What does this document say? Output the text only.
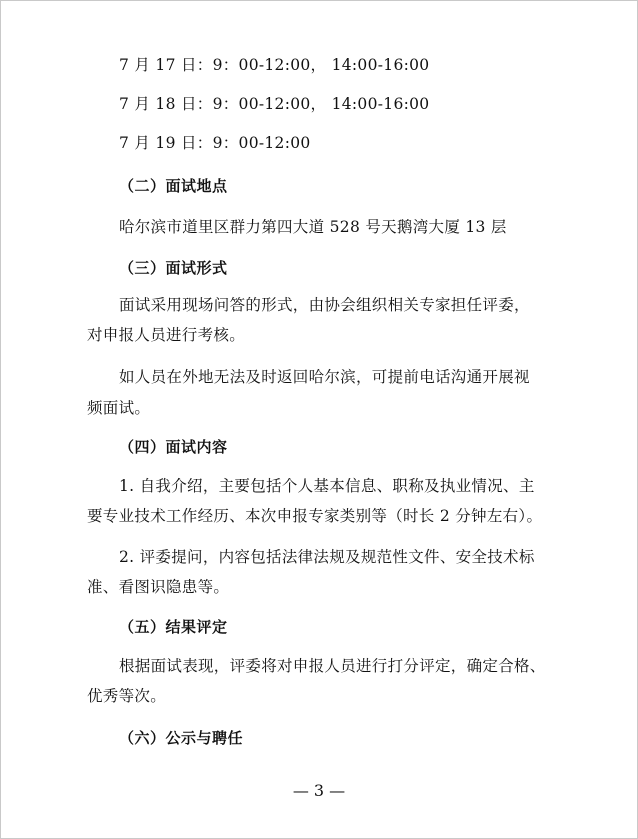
7 月 17 日：9：00-12:00， 14:00-16:00
7 月 18 日：9：00-12:00， 14:00-16:00
7 月 19 日：9：00-12:00
（二）面试地点
哈尔滨市道里区群力第四大道 528 号天鹅湾大厦 13 层
（三）面试形式
面试采用现场问答的形式，由协会组织相关专家担任评委，
对申报人员进行考核。
如人员在外地无法及时返回哈尔滨，可提前电话沟通开展视
频面试。
（四）面试内容
1. 自我介绍，主要包括个人基本信息、职称及执业情况、主
要专业技术工作经历、本次申报专家类别等（时长 2 分钟左右）。
2. 评委提问，内容包括法律法规及规范性文件、安全技术标
准、看图识隐患等。
（五）结果评定
根据面试表现，评委将对申报人员进行打分评定，确定合格、
优秀等次。
（六）公示与聘任
— 3 —
